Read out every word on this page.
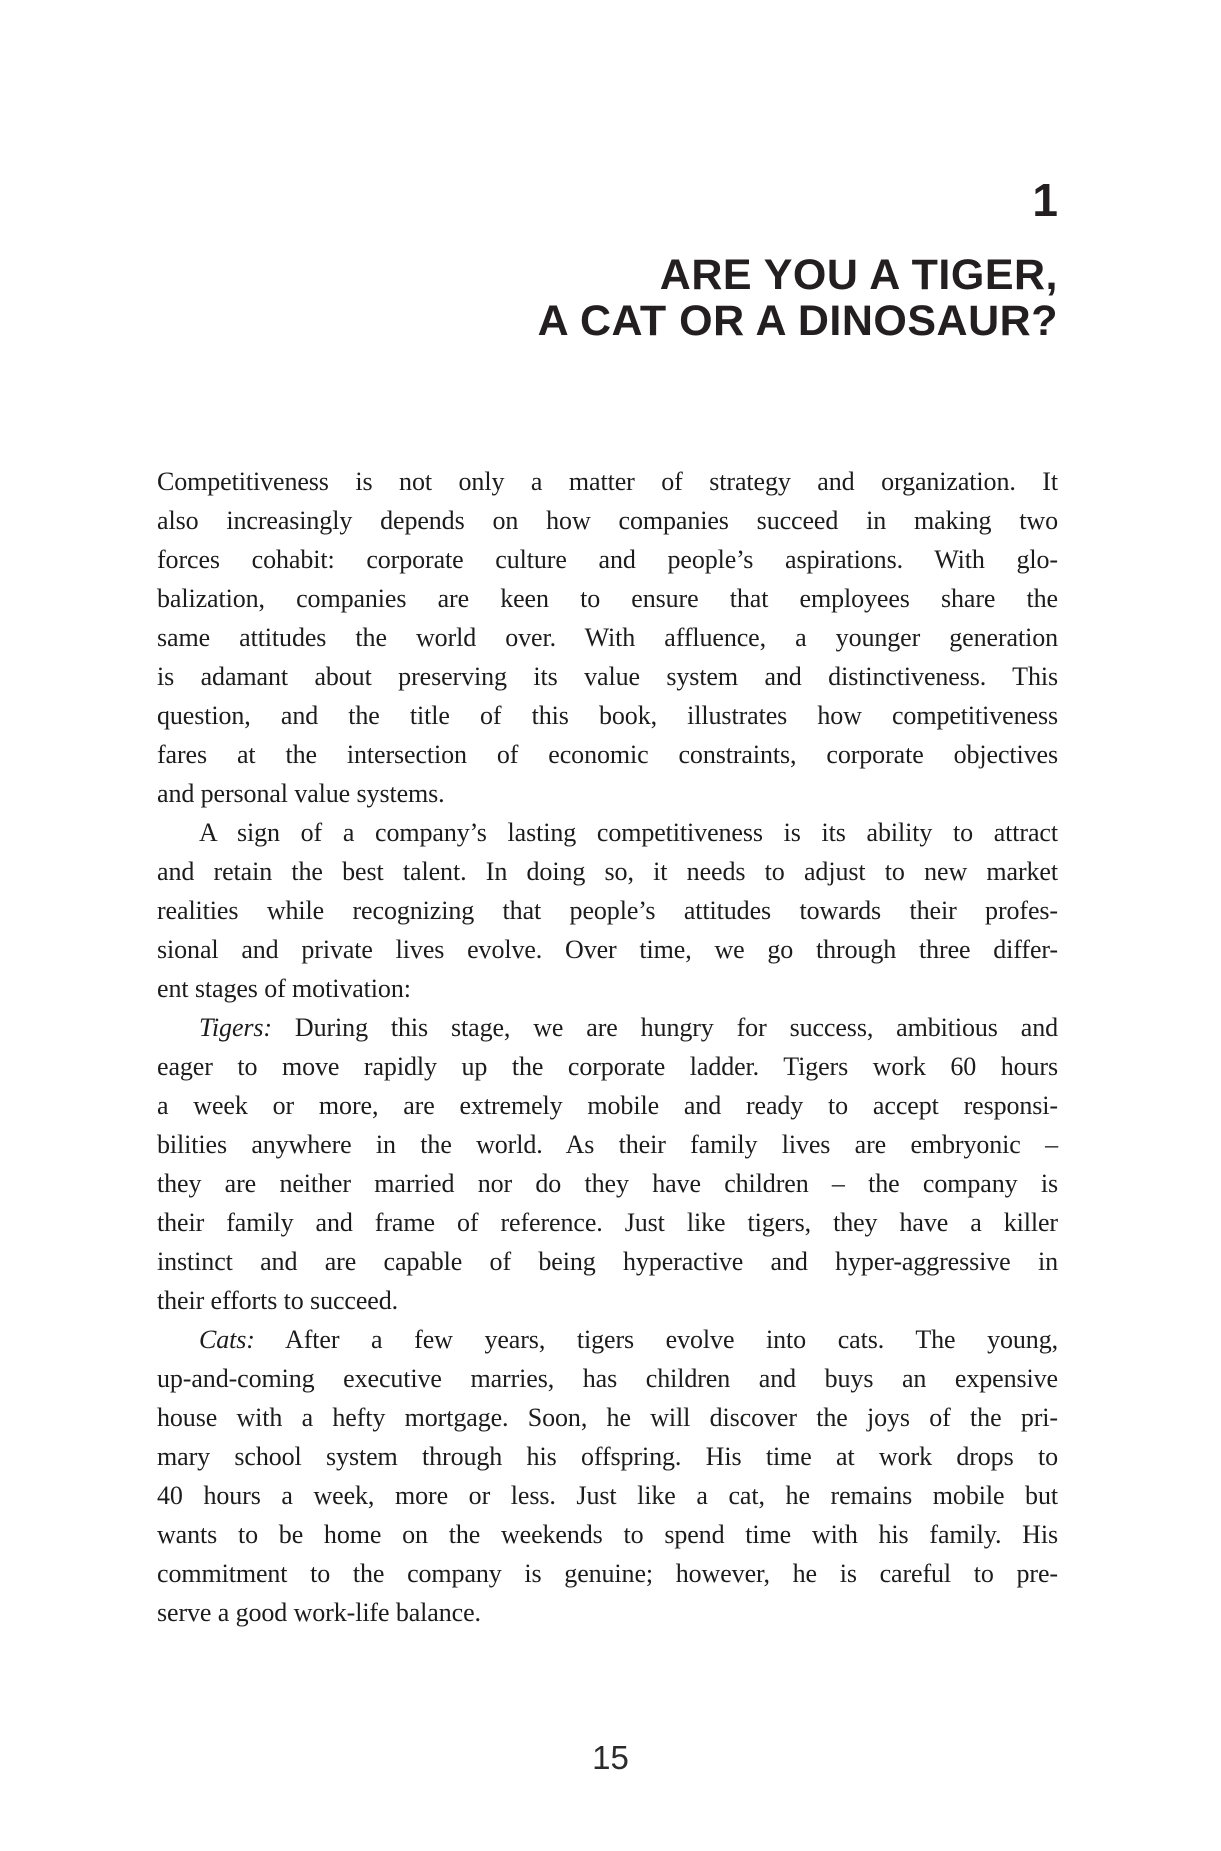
1
ARE YOU A TIGER,
A CAT OR A DINOSAUR?
Competitiveness is not only a matter of strategy and organization. It
also increasingly depends on how companies succeed in making two
forces cohabit: corporate culture and people’s aspirations. With glo-
balization, companies are keen to ensure that employees share the
same attitudes the world over. With affluence, a younger generation
is adamant about preserving its value system and distinctiveness. This
question, and the title of this book, illustrates how competitiveness
fares at the intersection of economic constraints, corporate objectives
and personal value systems.
A sign of a company’s lasting competitiveness is its ability to attract
and retain the best talent. In doing so, it needs to adjust to new market
realities while recognizing that people’s attitudes towards their profes-
sional and private lives evolve. Over time, we go through three differ-
ent stages of motivation:
Tigers: During this stage, we are hungry for success, ambitious and
eager to move rapidly up the corporate ladder. Tigers work 60 hours
a week or more, are extremely mobile and ready to accept responsi-
bilities anywhere in the world. As their family lives are embryonic –
they are neither married nor do they have children – the company is
their family and frame of reference. Just like tigers, they have a killer
instinct and are capable of being hyperactive and hyper-aggressive in
their efforts to succeed.
Cats: After a few years, tigers evolve into cats. The young,
up-and-coming executive marries, has children and buys an expensive
house with a hefty mortgage. Soon, he will discover the joys of the pri-
mary school system through his offspring. His time at work drops to
40 hours a week, more or less. Just like a cat, he remains mobile but
wants to be home on the weekends to spend time with his family. His
commitment to the company is genuine; however, he is careful to pre-
serve a good work-life balance.
15
